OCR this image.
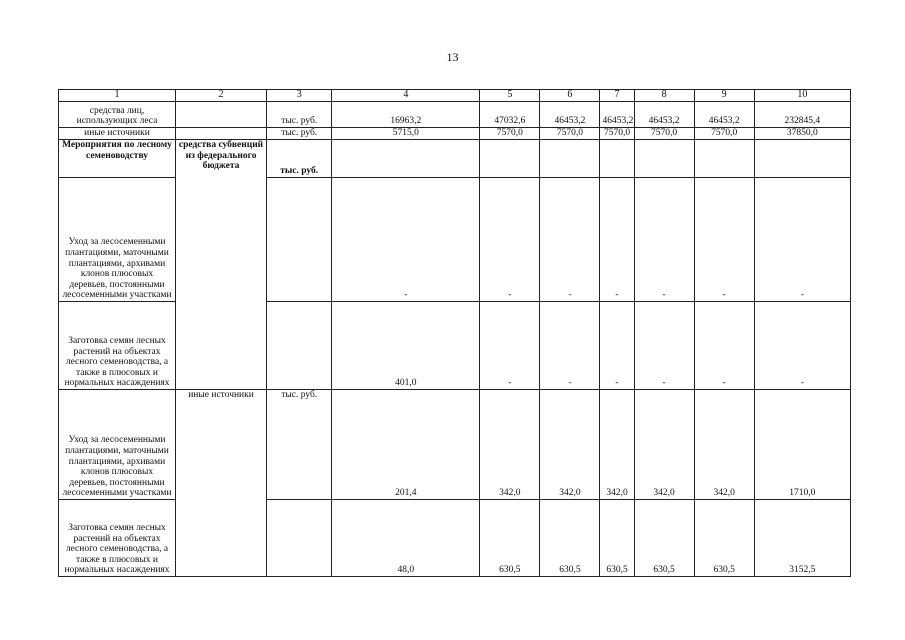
13
1	2	3	4	5	6	7	8	9	10
средства лиц, использующих леса		тыс. руб.	16963,2	47032,6	46453,2	46453,2	46453,2	46453,2	232845,4
иные источники		тыс. руб.	5715,0	7570,0	7570,0	7570,0	7570,0	7570,0	37850,0
Мероприятия по лесному семеноводству	средства субвенций из федерального бюджета	тыс. руб.							
Уход за лесосеменными плантациями, маточными плантациями, архивами клонов плюсовых деревьев, постоянными лесосеменными участками			-	-	-	-	-	-	-
Заготовка семян лесных растений на объектах лесного семеноводства, а также в плюсовых и нормальных насаждениях			401,0	-	-	-	-	-	-
Уход за лесосеменными плантациями, маточными плантациями, архивами клонов плюсовых деревьев, постоянными лесосеменными участками	иные источники	тыс. руб.	201,4	342,0	342,0	342,0	342,0	342,0	1710,0
Заготовка семян лесных растений на объектах лесного семеноводства, а также в плюсовых и нормальных насаждениях			48,0	630,5	630,5	630,5	630,5	630,5	3152,5
